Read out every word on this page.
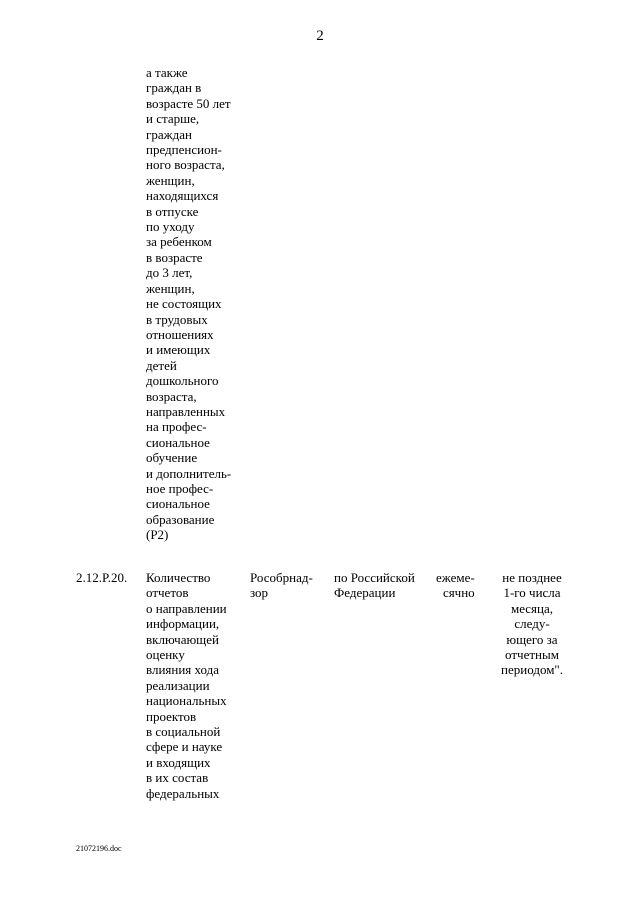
2
а также
граждан в
возрасте 50 лет
и старше,
граждан
предпенсион-
ного возраста,
женщин,
находящихся
в отпуске
по уходу
за ребенком
в возрасте
до 3 лет,
женщин,
не состоящих
в трудовых
отношениях
и имеющих
детей
дошкольного
возраста,
направленных
на профес-
сиональное
обучение
и дополнитель-
ное профес-
сиональное
образование
(P2)
2.12.P.20. Количество
отчетов
о направлении
информации,
включающей
оценку
влияния хода
реализации
национальных
проектов
в социальной
сфере и науке
и входящих
в их состав
федеральных
Рособрнад-
зор
по Российской
Федерации
ежеме-
сячно
не позднее
1-го числа
месяца,
следу-
ющего за
отчетным
периодом".
21072196.doc
